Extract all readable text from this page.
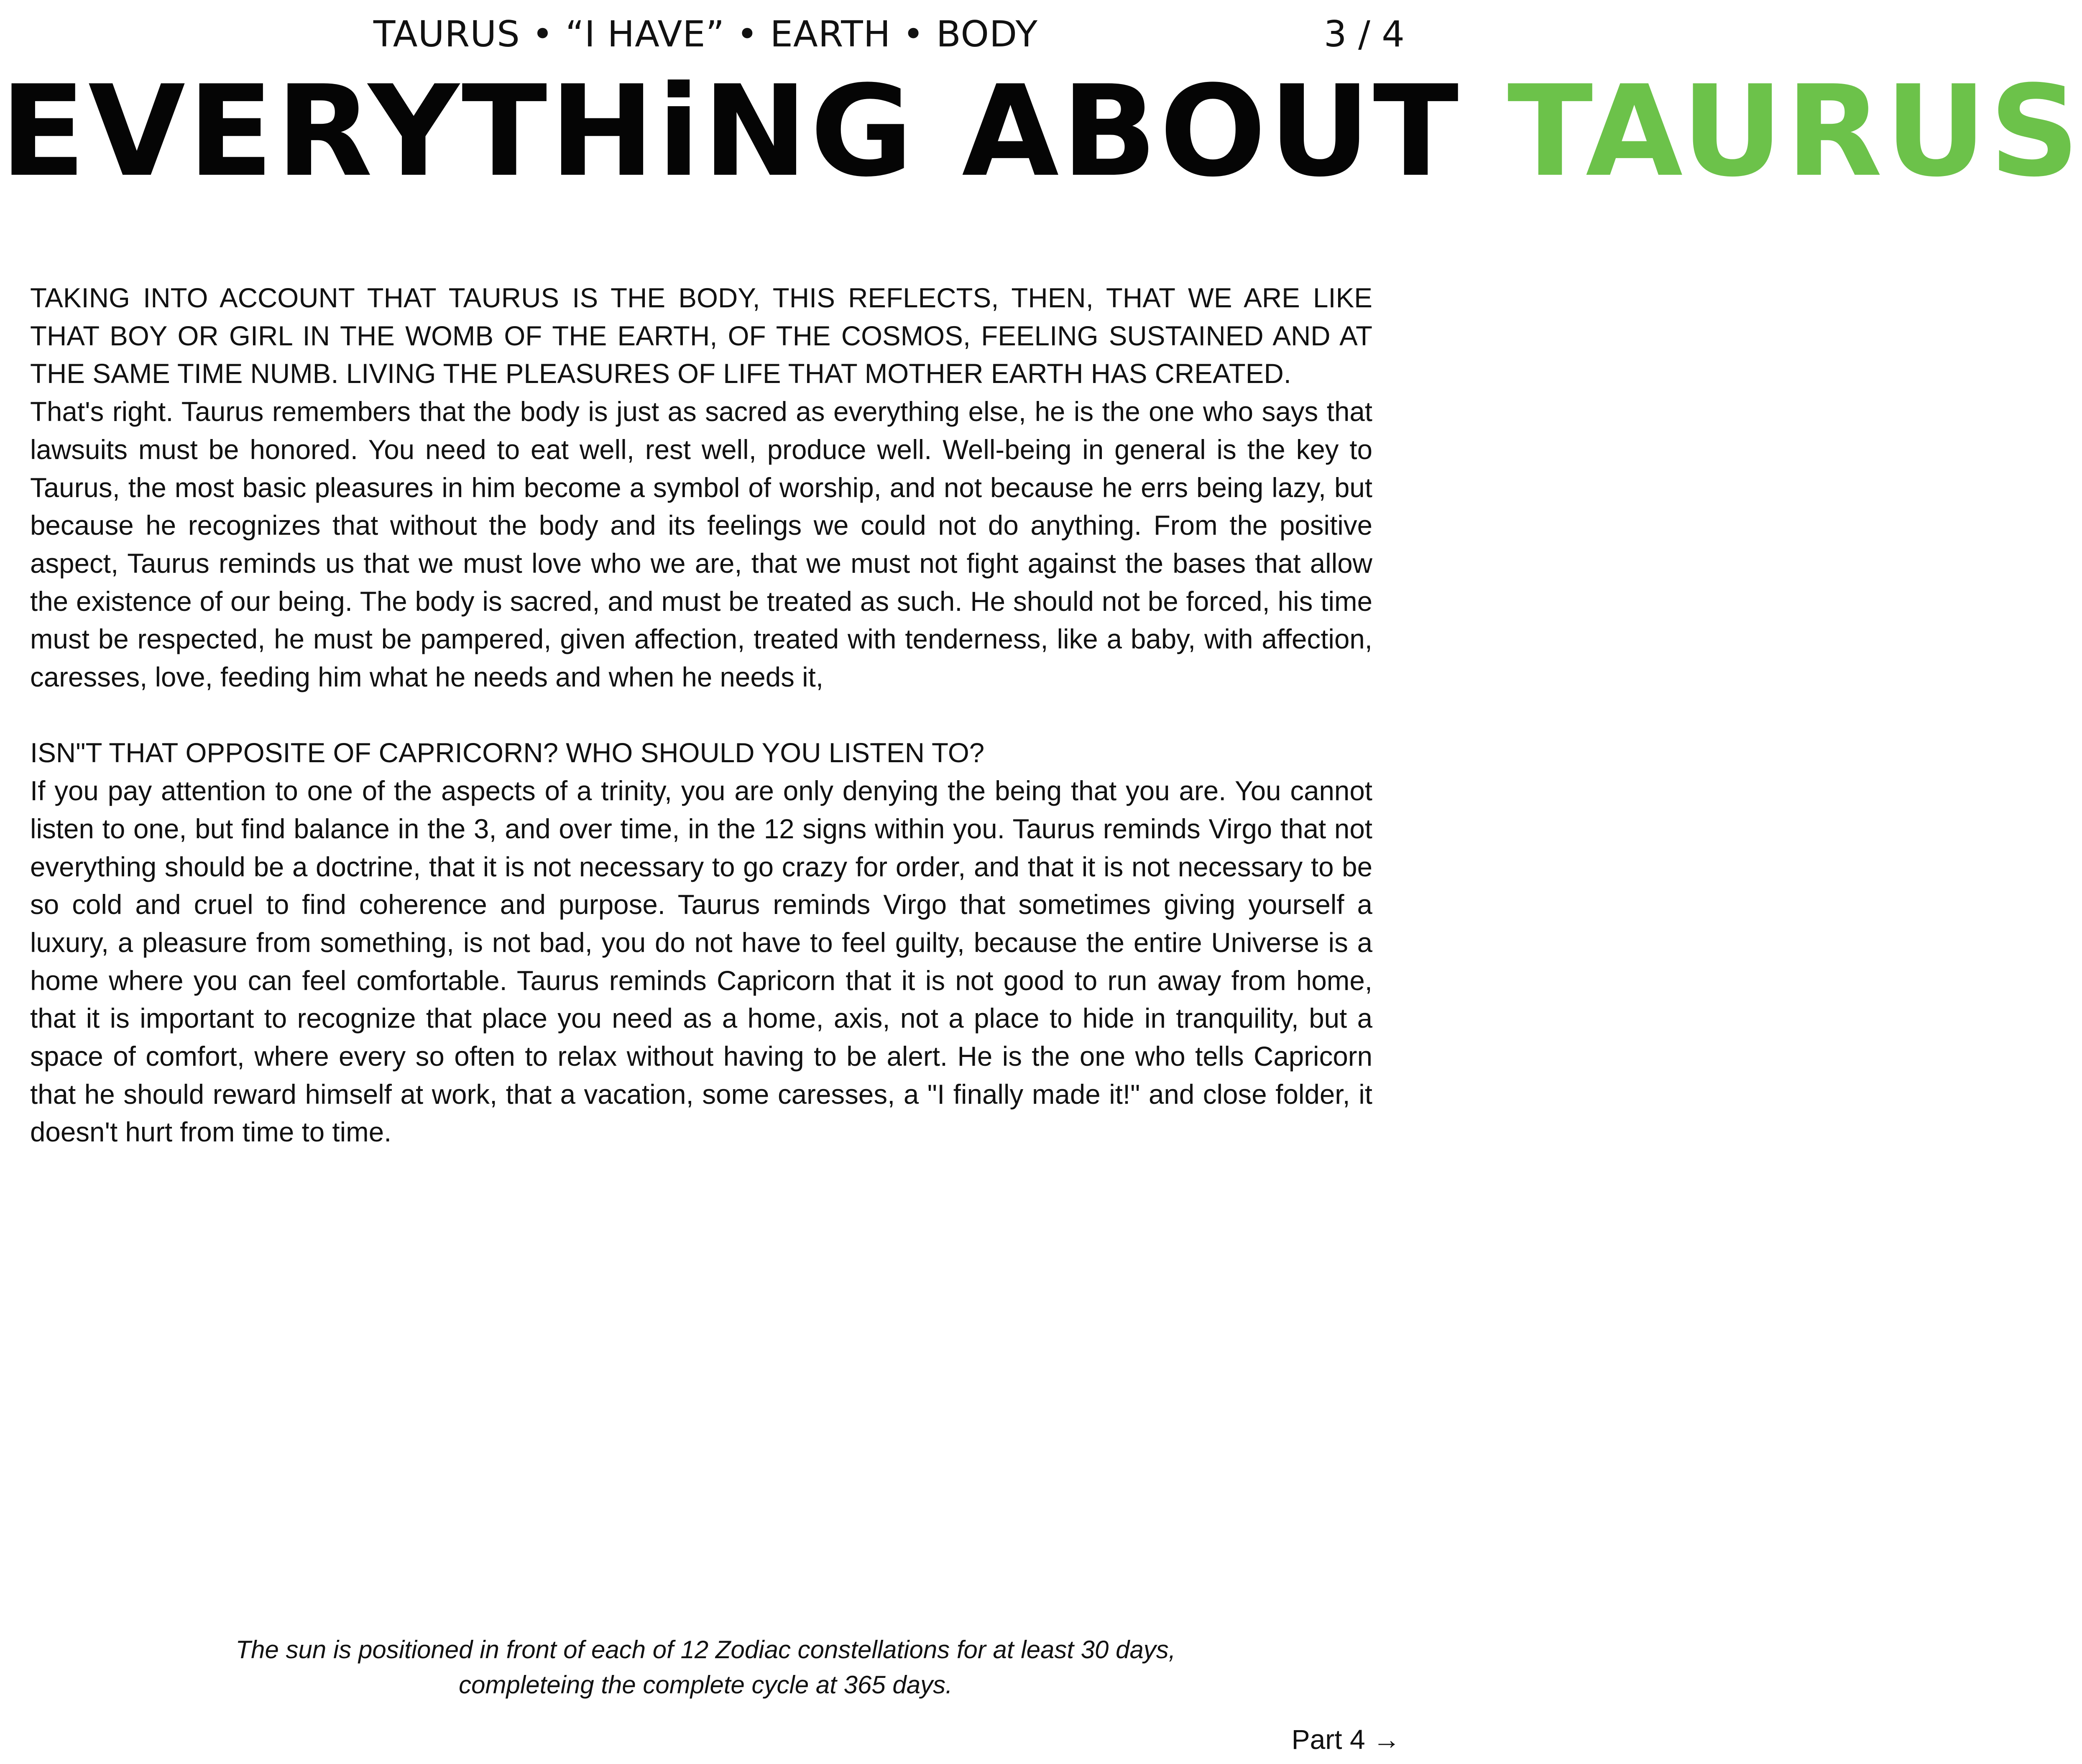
TAURUS • “I HAVE” • EARTH • BODY	3 / 4
EVERYTHiNG ABOUT TAURUS

TAKING INTO ACCOUNT THAT TAURUS IS THE BODY, THIS REFLECTS, THEN, THAT WE ARE LIKE THAT BOY OR GIRL IN THE WOMB OF THE EARTH, OF THE COSMOS, FEELING SUSTAINED AND AT THE SAME TIME NUMB. LIVING THE PLEASURES OF LIFE THAT MOTHER EARTH HAS CREATED.

That's right. Taurus remembers that the body is just as sacred as everything else, he is the one who says that lawsuits must be honored. You need to eat well, rest well, produce well. Well-being in general is the key to Taurus, the most basic pleasures in him become a symbol of worship, and not because he errs being lazy, but because he recognizes that without the body and its feelings we could not do anything. From the positive aspect, Taurus reminds us that we must love who we are, that we must not fight against the bases that allow the existence of our being. The body is sacred, and must be treated as such. He should not be forced, his time must be respected, he must be pampered, given affection, treated with tenderness, like a baby, with affection, caresses, love, feeding him what he needs and when he needs it,

ISN"T THAT OPPOSITE OF CAPRICORN? WHO SHOULD YOU LISTEN TO?

If you pay attention to one of the aspects of a trinity, you are only denying the being that you are. You cannot listen to one, but find balance in the 3, and over time, in the 12 signs within you. Taurus reminds Virgo that not everything should be a doctrine, that it is not necessary to go crazy for order, and that it is not necessary to be so cold and cruel to find coherence and purpose. Taurus reminds Virgo that sometimes giving yourself a luxury, a pleasure from something, is not bad, you do not have to feel guilty, because the entire Universe is a home where you can feel comfortable. Taurus reminds Capricorn that it is not good to run away from home, that it is important to recognize that place you need as a home, axis, not a place to hide in tranquility, but a space of comfort, where every so often to relax without having to be alert. He is the one who tells Capricorn that he should reward himself at work, that a vacation, some caresses, a "I finally made it!" and close folder, it doesn't hurt from time to time.

The sun is positioned in front of each of 12 Zodiac constellations for at least 30 days,
completeing the complete cycle at 365 days.
Part 4 →
